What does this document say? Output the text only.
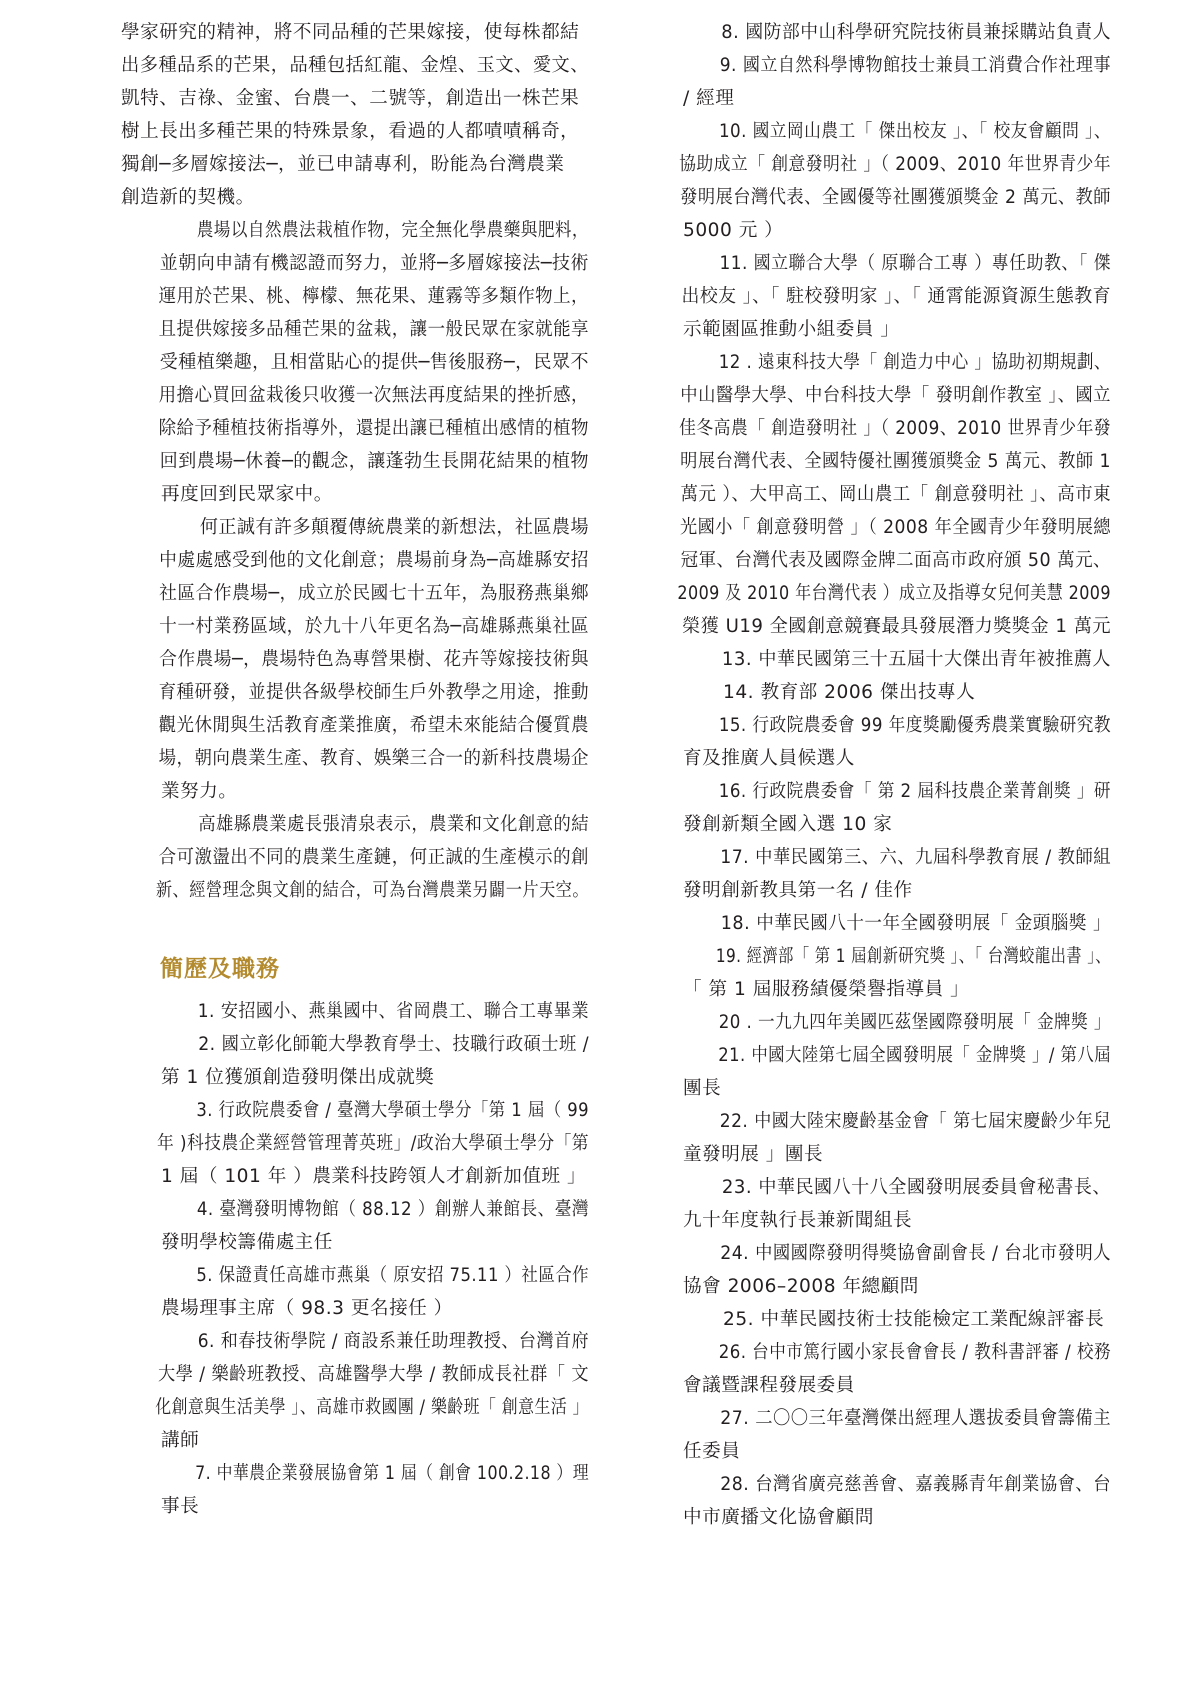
學家研究的精神，將不同品種的芒果嫁接，使每株都結
出多種品系的芒果，品種包括紅龍、金煌、玉文、愛文、
凱特、吉祿、金蜜、台農一、二號等，創造出一株芒果
樹上長出多種芒果的特殊景象，看過的人都嘖嘖稱奇，
獨創─多層嫁接法─，並已申請專利，盼能為台灣農業
創造新的契機。

農場以自然農法栽植作物，完全無化學農藥與肥料，
並朝向申請有機認證而努力，並將─多層嫁接法─技術
運用於芒果、桃、檸檬、無花果、蓮霧等多類作物上，
且提供嫁接多品種芒果的盆栽，讓一般民眾在家就能享
受種植樂趣，且相當貼心的提供─售後服務─，民眾不
用擔心買回盆栽後只收獲一次無法再度結果的挫折感，
除給予種植技術指導外，還提出讓已種植出感情的植物
回到農場─休養─的觀念，讓蓬勃生長開花結果的植物
再度回到民眾家中。

何正誠有許多顛覆傳統農業的新想法，社區農場
中處處感受到他的文化創意；農場前身為─高雄縣安招
社區合作農場─，成立於民國七十五年，為服務燕巢鄉
十一村業務區域，於九十八年更名為─高雄縣燕巢社區
合作農場─，農場特色為專營果樹、花卉等嫁接技術與
育種研發，並提供各級學校師生戶外教學之用途，推動
觀光休閒與生活教育產業推廣，希望未來能結合優質農
場，朝向農業生產、教育、娛樂三合一的新科技農場企
業努力。

高雄縣農業處長張清泉表示，農業和文化創意的結
合可激盪出不同的農業生產鏈，何正誠的生產模示的創
新、經營理念與文創的結合，可為台灣農業另闢一片天空。

簡歷及職務

1. 安招國小、燕巢國中、省岡農工、聯合工專畢業

2. 國立彰化師範大學教育學士、技職行政碩士班 /
第 1 位獲頒創造發明傑出成就獎

3. 行政院農委會 / 臺灣大學碩士學分「第 1 屆（ 99
年 )科技農企業經營管理菁英班」/政治大學碩士學分「第
1 屆（ 101 年 ）農業科技跨領人才創新加值班 」

4. 臺灣發明博物館（ 88.12 ）創辦人兼館長、臺灣
發明學校籌備處主任

5. 保證責任高雄市燕巢（ 原安招 75.11 ）社區合作
農場理事主席（ 98.3 更名接任 ）

6. 和春技術學院 / 商設系兼任助理教授、台灣首府
大學 / 樂齡班教授、高雄醫學大學 / 教師成長社群「 文
化創意與生活美學 」、高雄市救國團 / 樂齡班「 創意生活 」
講師

7. 中華農企業發展協會第 1 屆（ 創會 100.2.18 ）理
事長

8. 國防部中山科學研究院技術員兼採購站負責人

9. 國立自然科學博物館技士兼員工消費合作社理事
/ 經理

10. 國立岡山農工「 傑出校友 」、「 校友會顧問 」、
協助成立「 創意發明社 」（ 2009、2010 年世界青少年
發明展台灣代表、全國優等社團獲頒獎金 2 萬元、教師
5000 元 ）

11. 國立聯合大學（ 原聯合工專 ）專任助教、「 傑
出校友 」、「 駐校發明家 」、「 通霄能源資源生態教育
示範園區推動小組委員 」

12 . 遠東科技大學「 創造力中心 」協助初期規劃、
中山醫學大學、中台科技大學「 發明創作教室 」、國立
佳冬高農「 創造發明社 」（ 2009、2010 世界青少年發
明展台灣代表、全國特優社團獲頒獎金 5 萬元、教師 1
萬元 ）、大甲高工、岡山農工「 創意發明社 」、高市東
光國小「 創意發明營 」（ 2008 年全國青少年發明展總
冠軍、台灣代表及國際金牌二面高市政府頒 50 萬元、
2009 及 2010 年台灣代表 ）成立及指導女兒何美慧 2009
榮獲 U19 全國創意競賽最具發展潛力獎獎金 1 萬元

13. 中華民國第三十五屆十大傑出青年被推薦人

14. 教育部 2006 傑出技專人

15. 行政院農委會 99 年度獎勵優秀農業實驗研究教
育及推廣人員候選人

16. 行政院農委會「 第 2 屆科技農企業菁創獎 」研
發創新類全國入選 10 家

17. 中華民國第三、六、九屆科學教育展 / 教師組
發明創新教具第一名 / 佳作

18. 中華民國八十一年全國發明展「 金頭腦獎 」

19. 經濟部「 第 1 屆創新研究獎 」、「 台灣蛟龍出書 」、
「 第 1 屆服務績優榮譽指導員 」

20 . 一九九四年美國匹茲堡國際發明展「 金牌獎 」

21. 中國大陸第七屆全國發明展「 金牌獎 」/ 第八屆
團長

22. 中國大陸宋慶齡基金會「 第七屆宋慶齡少年兒
童發明展 」團長

23. 中華民國八十八全國發明展委員會秘書長、
九十年度執行長兼新聞組長

24. 中國國際發明得獎協會副會長 / 台北市發明人
協會 2006–2008 年總顧問

25. 中華民國技術士技能檢定工業配線評審長

26. 台中市篤行國小家長會會長 / 教科書評審 / 校務
會議暨課程發展委員

27. 二〇〇三年臺灣傑出經理人選拔委員會籌備主
任委員

28. 台灣省廣亮慈善會、嘉義縣青年創業協會、台
中市廣播文化協會顧問
